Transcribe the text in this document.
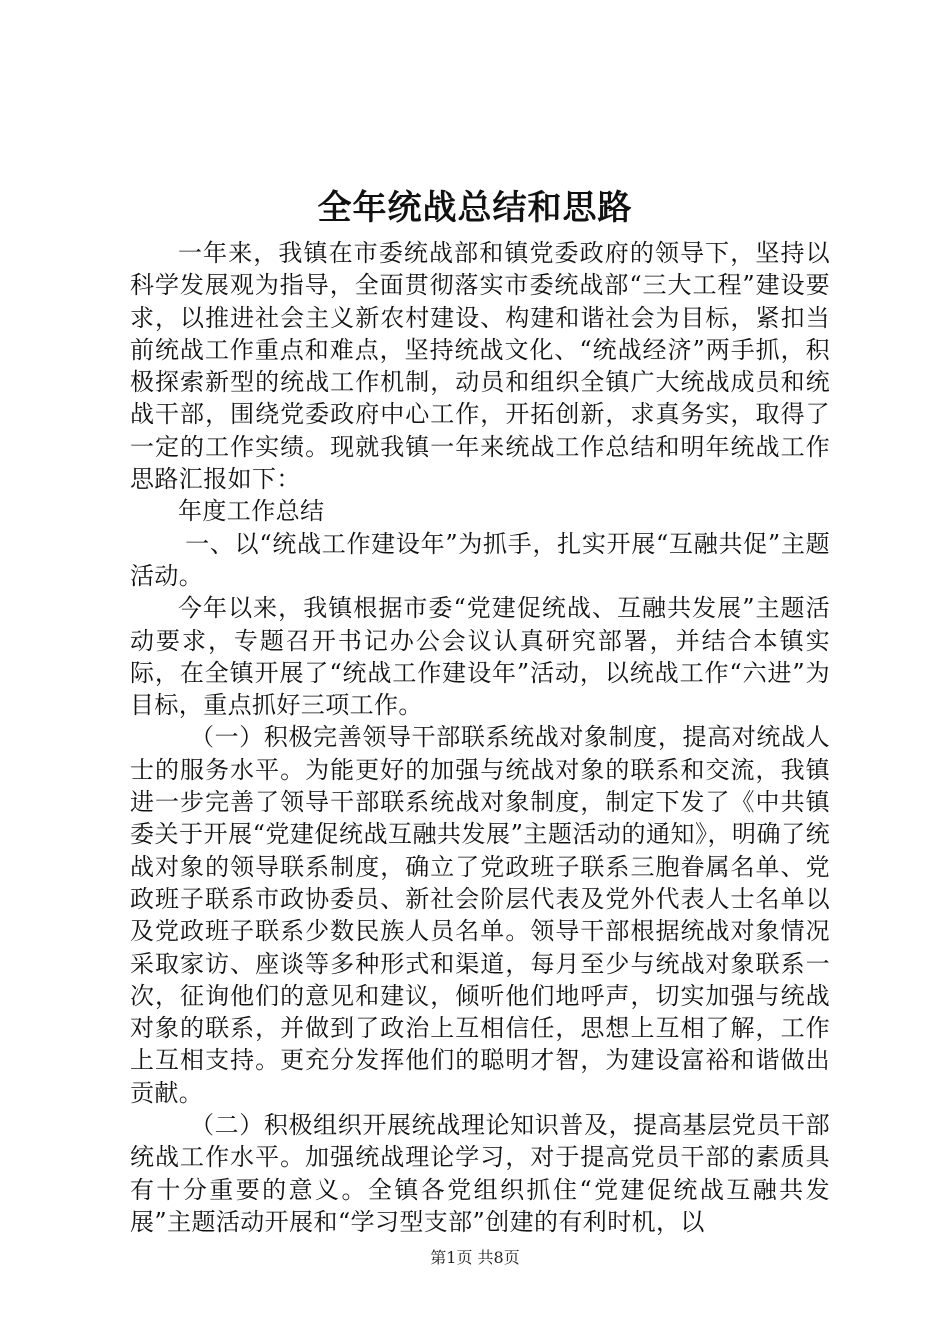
全年统战总结和思路

一年来，我镇在市委统战部和镇党委政府的领导下，坚持以科学发展观为指导，全面贯彻落实市委统战部“三大工程”建设要求，以推进社会主义新农村建设、构建和谐社会为目标，紧扣当前统战工作重点和难点，坚持统战文化、“统战经济”两手抓，积极探索新型的统战工作机制，动员和组织全镇广大统战成员和统战干部，围绕党委政府中心工作，开拓创新，求真务实，取得了一定的工作实绩。现就我镇一年来统战工作总结和明年统战工作思路汇报如下：

年度工作总结

一、以“统战工作建设年”为抓手，扎实开展“互融共促”主题活动。

今年以来，我镇根据市委“党建促统战、互融共发展”主题活动要求，专题召开书记办公会议认真研究部署，并结合本镇实际，在全镇开展了“统战工作建设年”活动，以统战工作“六进”为目标，重点抓好三项工作。

（一）积极完善领导干部联系统战对象制度，提高对统战人士的服务水平。为能更好的加强与统战对象的联系和交流，我镇进一步完善了领导干部联系统战对象制度，制定下发了《中共镇委关于开展“党建促统战互融共发展”主题活动的通知》，明确了统战对象的领导联系制度，确立了党政班子联系三胞眷属名单、党政班子联系市政协委员、新社会阶层代表及党外代表人士名单以及党政班子联系少数民族人员名单。领导干部根据统战对象情况采取家访、座谈等多种形式和渠道，每月至少与统战对象联系一次，征询他们的意见和建议，倾听他们地呼声，切实加强与统战对象的联系，并做到了政治上互相信任，思想上互相了解，工作上互相支持。更充分发挥他们的聪明才智，为建设富裕和谐做出贡献。

（二）积极组织开展统战理论知识普及，提高基层党员干部统战工作水平。加强统战理论学习，对于提高党员干部的素质具有十分重要的意义。全镇各党组织抓住“党建促统战互融共发展”主题活动开展和“学习型支部”创建的有利时机，以

第1页 共8页
